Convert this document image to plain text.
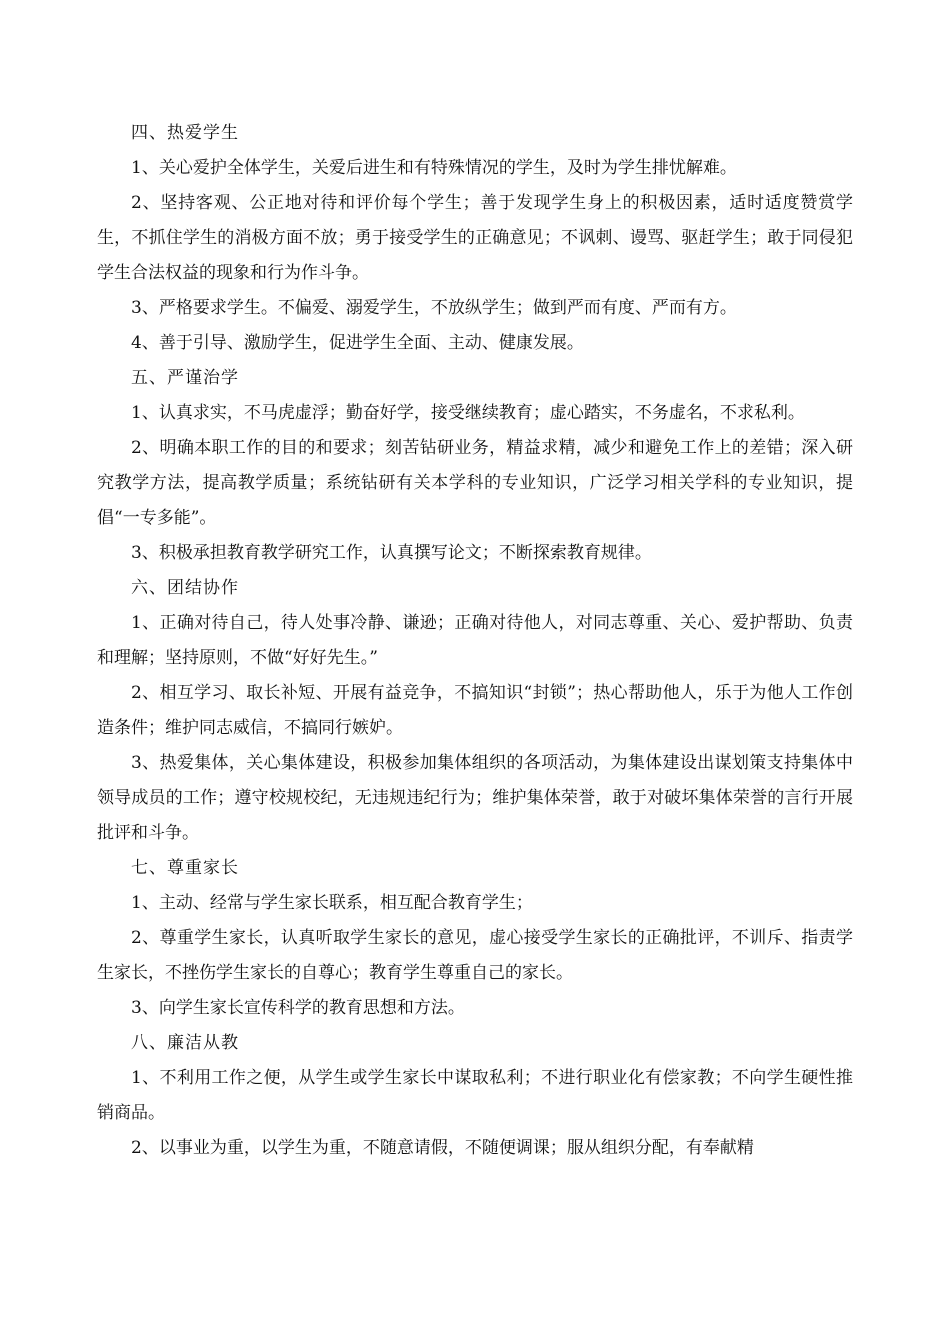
四、热爱学生

1、关心爱护全体学生，关爱后进生和有特殊情况的学生，及时为学生排忧解难。

2、坚持客观、公正地对待和评价每个学生；善于发现学生身上的积极因素，适时适度赞赏学生，不抓住学生的消极方面不放；勇于接受学生的正确意见；不讽刺、谩骂、驱赶学生；敢于同侵犯学生合法权益的现象和行为作斗争。

3、严格要求学生。不偏爱、溺爱学生，不放纵学生；做到严而有度、严而有方。

4、善于引导、激励学生，促进学生全面、主动、健康发展。

五、严谨治学

1、认真求实，不马虎虚浮；勤奋好学，接受继续教育；虚心踏实，不务虚名，不求私利。

2、明确本职工作的目的和要求；刻苦钻研业务，精益求精，减少和避免工作上的差错；深入研究教学方法，提高教学质量；系统钻研有关本学科的专业知识，广泛学习相关学科的专业知识，提倡“一专多能”。

3、积极承担教育教学研究工作，认真撰写论文；不断探索教育规律。

六、团结协作

1、正确对待自己，待人处事冷静、谦逊；正确对待他人，对同志尊重、关心、爱护帮助、负责和理解；坚持原则，不做“好好先生。”

2、相互学习、取长补短、开展有益竞争，不搞知识“封锁”；热心帮助他人，乐于为他人工作创造条件；维护同志威信，不搞同行嫉妒。

3、热爱集体，关心集体建设，积极参加集体组织的各项活动，为集体建设出谋划策支持集体中领导成员的工作；遵守校规校纪，无违规违纪行为；维护集体荣誉，敢于对破坏集体荣誉的言行开展批评和斗争。

七、尊重家长

1、主动、经常与学生家长联系，相互配合教育学生；

2、尊重学生家长，认真听取学生家长的意见，虚心接受学生家长的正确批评，不训斥、指责学生家长，不挫伤学生家长的自尊心；教育学生尊重自己的家长。

3、向学生家长宣传科学的教育思想和方法。

八、廉洁从教

1、不利用工作之便，从学生或学生家长中谋取私利；不进行职业化有偿家教；不向学生硬性推销商品。

2、以事业为重，以学生为重，不随意请假，不随便调课；服从组织分配，有奉献精
